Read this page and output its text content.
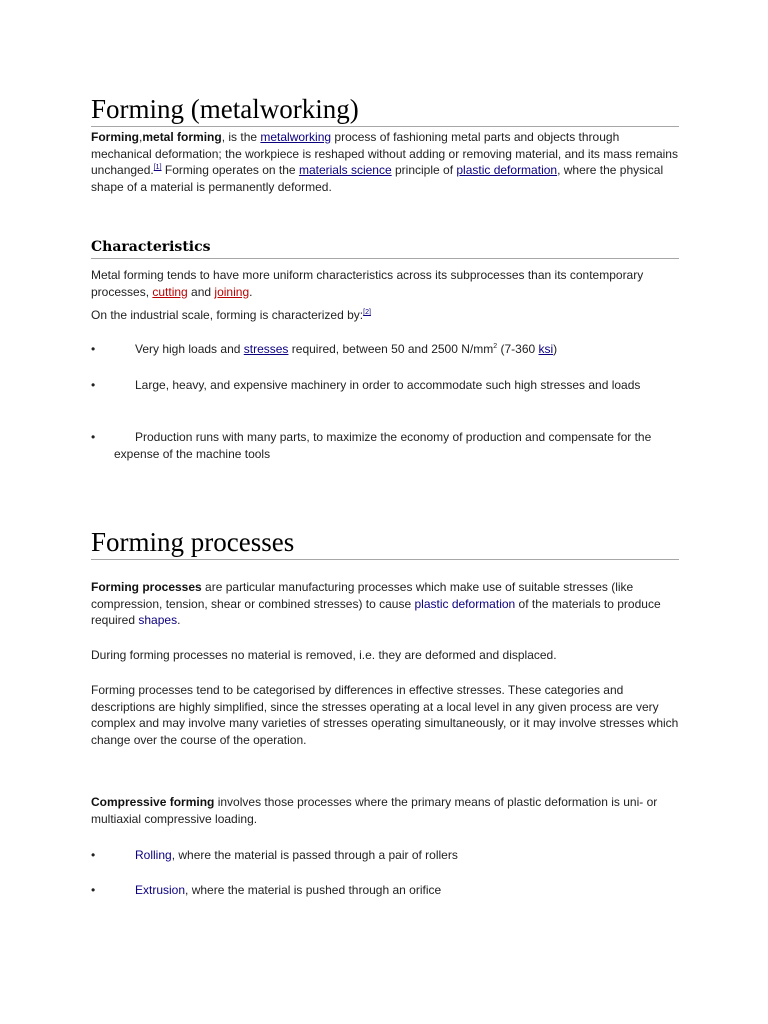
Forming (metalworking)

Forming,metal forming, is the metalworking process of fashioning metal parts and objects through mechanical deformation; the workpiece is reshaped without adding or removing material, and its mass remains unchanged.[1] Forming operates on the materials science principle of plastic deformation, where the physical shape of a material is permanently deformed.

Characteristics

Metal forming tends to have more uniform characteristics across its subprocesses than its contemporary processes, cutting and joining.

On the industrial scale, forming is characterized by:[2]

•	Very high loads and stresses required, between 50 and 2500 $N/mm^2$ (7-360 ksi)
•	Large, heavy, and expensive machinery in order to accommodate such high stresses and loads
•	Production runs with many parts, to maximize the economy of production and compensate for the expense of the machine tools
Forming processes

Forming processes are particular manufacturing processes which make use of suitable stresses (like compression, tension, shear or combined stresses) to cause plastic deformation of the materials to produce required shapes.

During forming processes no material is removed, i.e. they are deformed and displaced.

Forming processes tend to be categorised by differences in effective stresses. These categories and descriptions are highly simplified, since the stresses operating at a local level in any given process are very complex and may involve many varieties of stresses operating simultaneously, or it may involve stresses which change over the course of the operation.

Compressive forming involves those processes where the primary means of plastic deformation is uni- or multiaxial compressive loading.

•	Rolling, where the material is passed through a pair of rollers
•	Extrusion, where the material is pushed through an orifice
